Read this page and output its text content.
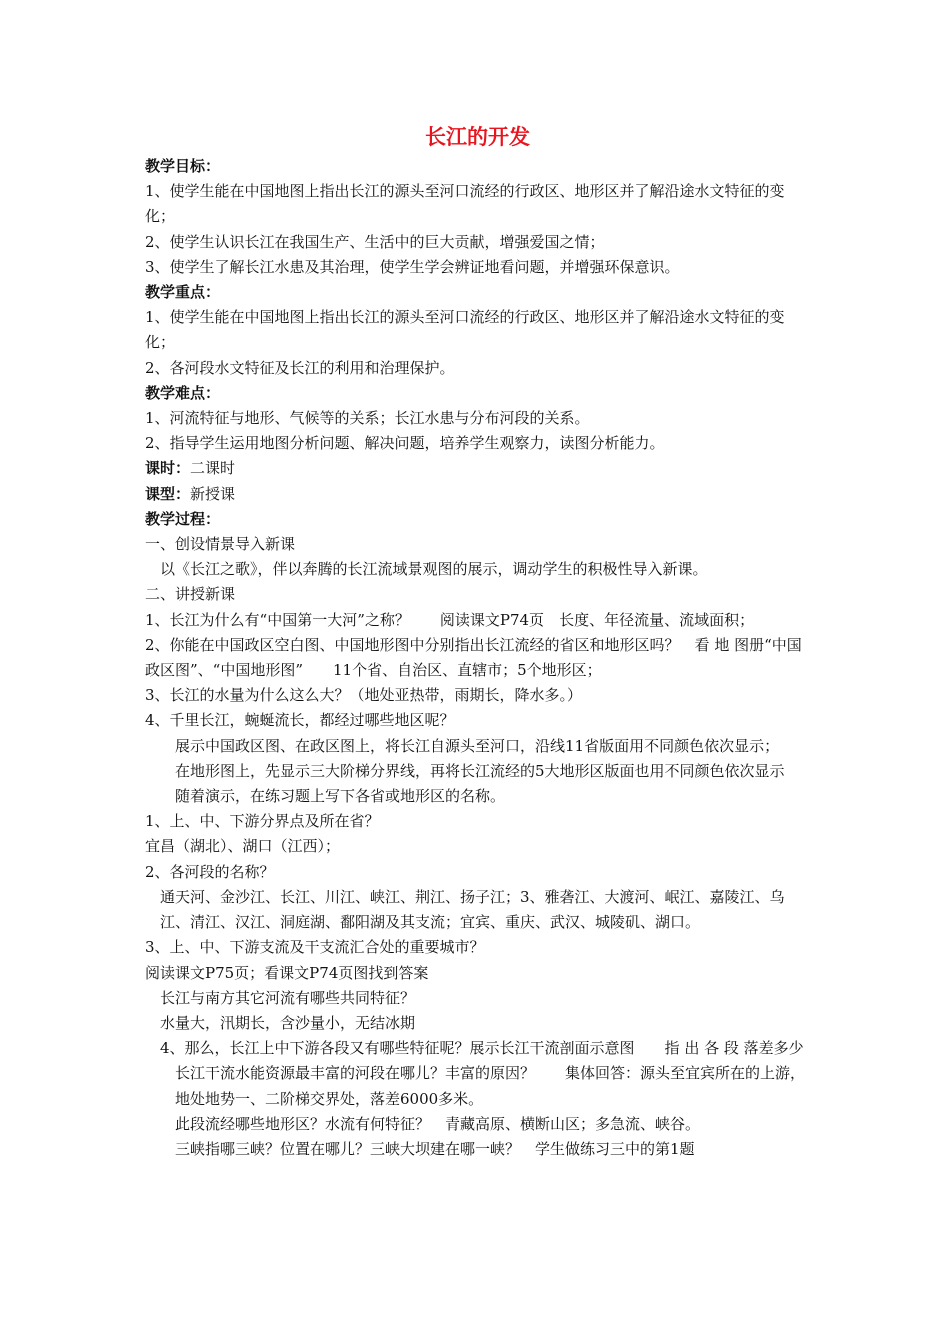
长江的开发

教学目标：

1、使学生能在中国地图上指出长江的源头至河口流经的行政区、地形区并了解沿途水文特征的变化；

2、使学生认识长江在我国生产、生活中的巨大贡献，增强爱国之情；

3、使学生了解长江水患及其治理，使学生学会辨证地看问题，并增强环保意识。

教学重点：

1、使学生能在中国地图上指出长江的源头至河口流经的行政区、地形区并了解沿途水文特征的变化；

2、各河段水文特征及长江的利用和治理保护。

教学难点：

1、河流特征与地形、气候等的关系；长江水患与分布河段的关系。

2、指导学生运用地图分析问题、解决问题，培养学生观察力，读图分析能力。

课时：二课时

课型：新授课

教学过程：

一、创设情景导入新课

以《长江之歌》，伴以奔腾的长江流域景观图的展示，调动学生的积极性导入新课。

二、讲授新课

1、长江为什么有“中国第一大河”之称？　　阅读课文P74页　长度、年径流量、流域面积；

2、你能在中国政区空白图、中国地形图中分别指出长江流经的省区和地形区吗？　看 地 图册“中国政区图”、“中国地形图”　　11个省、自治区、直辖市；5个地形区；

3、长江的水量为什么这么大？（地处亚热带，雨期长，降水多。）

4、千里长江，蜿蜒流长，都经过哪些地区呢？

展示中国政区图、在政区图上，将长江自源头至河口，沿线11省版面用不同颜色依次显示；

在地形图上，先显示三大阶梯分界线，再将长江流经的5大地形区版面也用不同颜色依次显示　　随着演示，在练习题上写下各省或地形区的名称。

1、上、中、下游分界点及所在省？

宜昌（湖北）、湖口（江西）；

2、各河段的名称？

通天河、金沙江、长江、川江、峡江、荆江、扬子江；3、雅砻江、大渡河、岷江、嘉陵江、乌江、清江、汉江、洞庭湖、鄱阳湖及其支流；宜宾、重庆、武汉、城陵矶、湖口。

3、上、中、下游支流及干支流汇合处的重要城市？

阅读课文P75页；看课文P74页图找到答案

长江与南方其它河流有哪些共同特征？

水量大，汛期长，含沙量小，无结冰期

4、那么，长江上中下游各段又有哪些特征呢？展示长江干流剖面示意图　　指 出 各 段 落差多少

长江干流水能资源最丰富的河段在哪儿？丰富的原因？　　集体回答：源头至宜宾所在的上游，地处地势一、二阶梯交界处，落差6000多米。

此段流经哪些地形区？水流有何特征？　青藏高原、横断山区；多急流、峡谷。

三峡指哪三峡？位置在哪儿？三峡大坝建在哪一峡？　学生做练习三中的第1题
